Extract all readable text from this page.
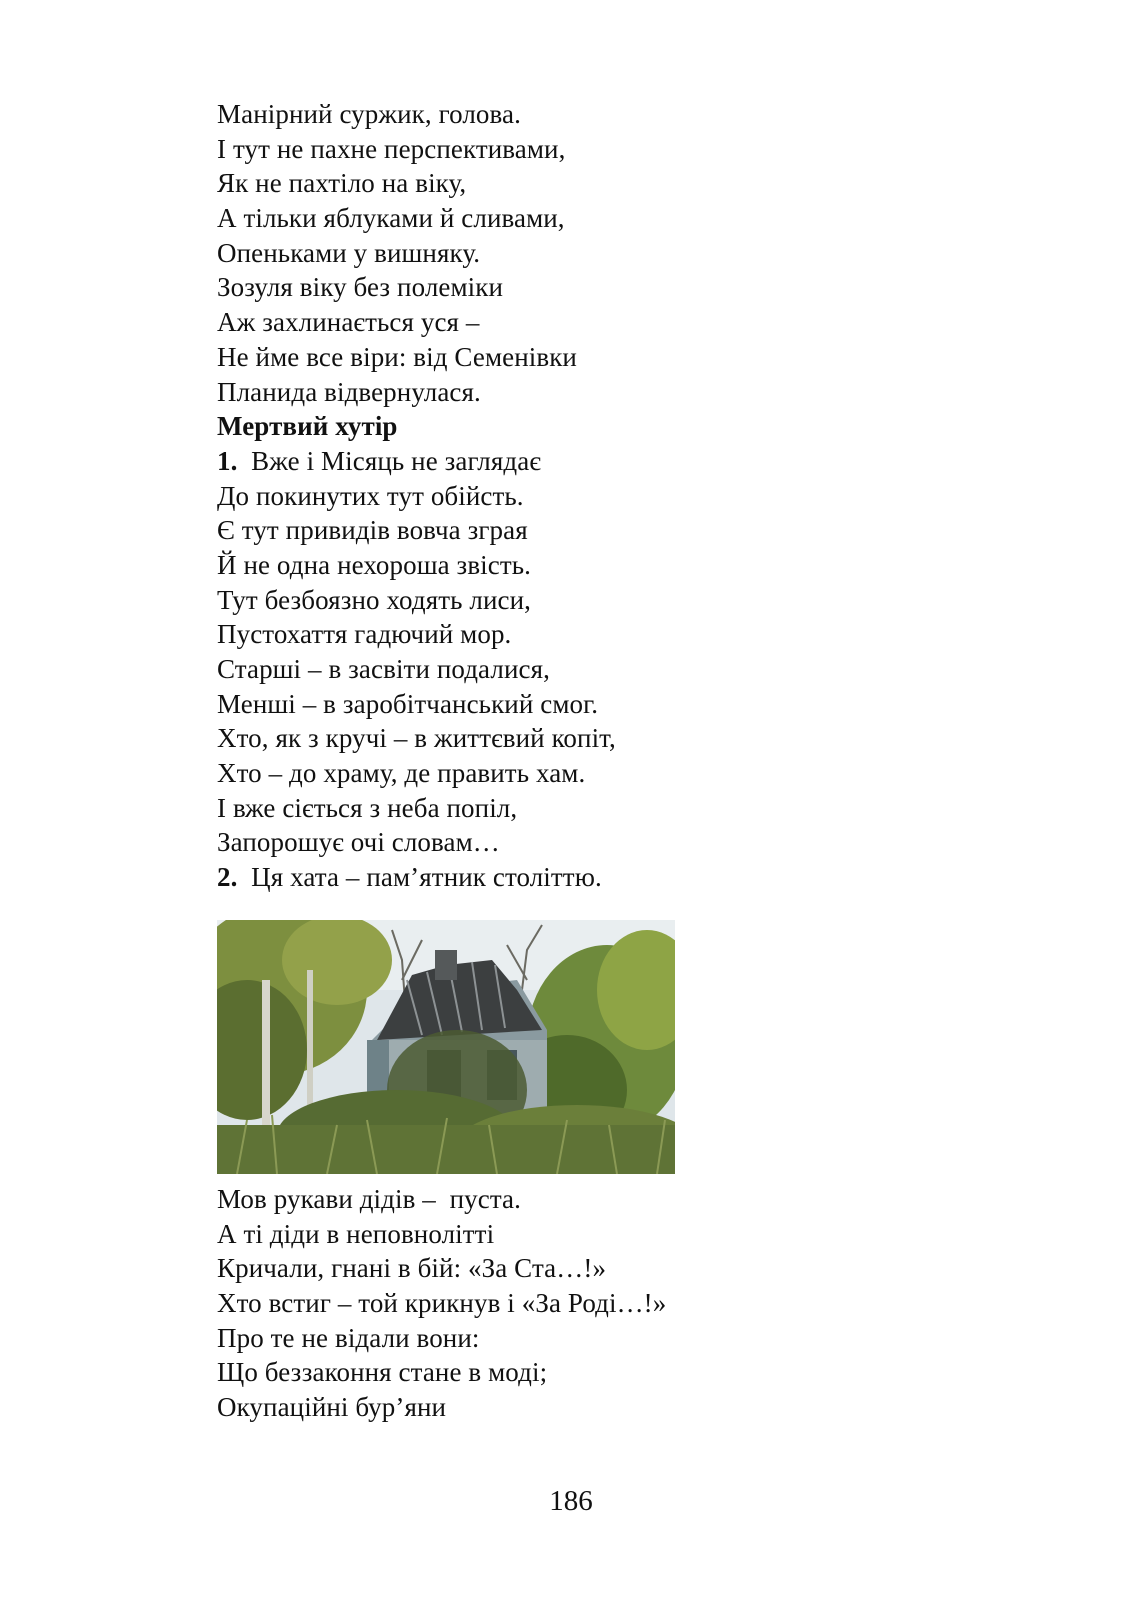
Манірний суржик, голова.
І тут не пахне перспективами,
Як не пахтіло на віку,
А тільки яблуками й сливами,
Опеньками у вишняку.
Зозуля віку без полеміки
Аж захлинається уся –
Не йме все віри: від Семенівки
Планида відвернулася.
Мертвий хутір
1. Вже і Місяць не заглядає
До покинутих тут обійсть.
Є тут привидів вовча зграя
Й не одна нехороша звість.
Тут безбоязно ходять лиси,
Пустохаття гадючий мор.
Старші – в засвіти подалися,
Менші – в заробітчанський смог.
Хто, як з кручі – в життєвий копіт,
Хто – до храму, де править хам.
І вже сіється з неба попіл,
Запорошує очі словам…
2. Ця хата – пам’ятник століттю.
Мов рукави дідів –  пуста.
А ті діди в неповноліттi
Кричали, гнані в бій: «За Ста…!»
Хто встиг – той крикнув і «За Роді…!»
Про те не відали вони:
Що беззаконня стане в моді;
Окупаційні бур’яни
186
